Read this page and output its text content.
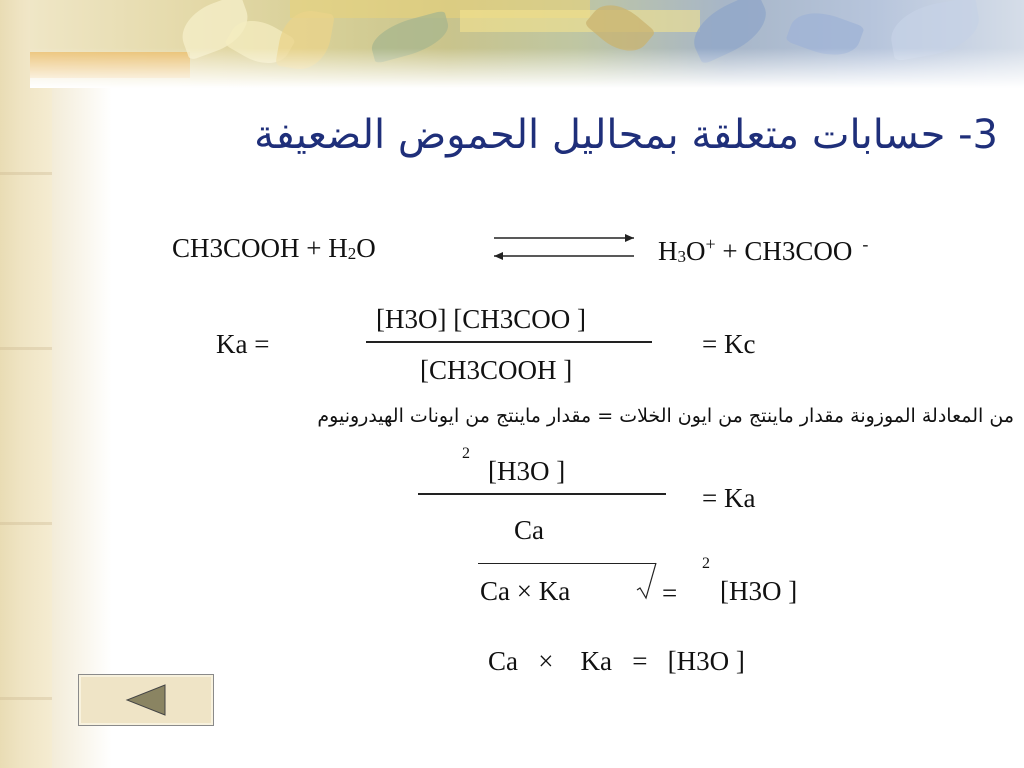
3- حسابات متعلقة بمحاليل الحموض الضعيفة
CH3COOH + H2O	H3O+ + CH3COO -
Ka =
[H3O] [CH3COO ]
[CH3COOH ]
= Kc
من المعادلة الموزونة مقدار ماينتج من ايون الخلات = مقدار ماينتج من ايونات الهيدرونيوم
2
[H3O ]
Ca
= Ka
Ca × Ka	=
2
[H3O ]
Ca   ×    Ka   =   [H3O ]
